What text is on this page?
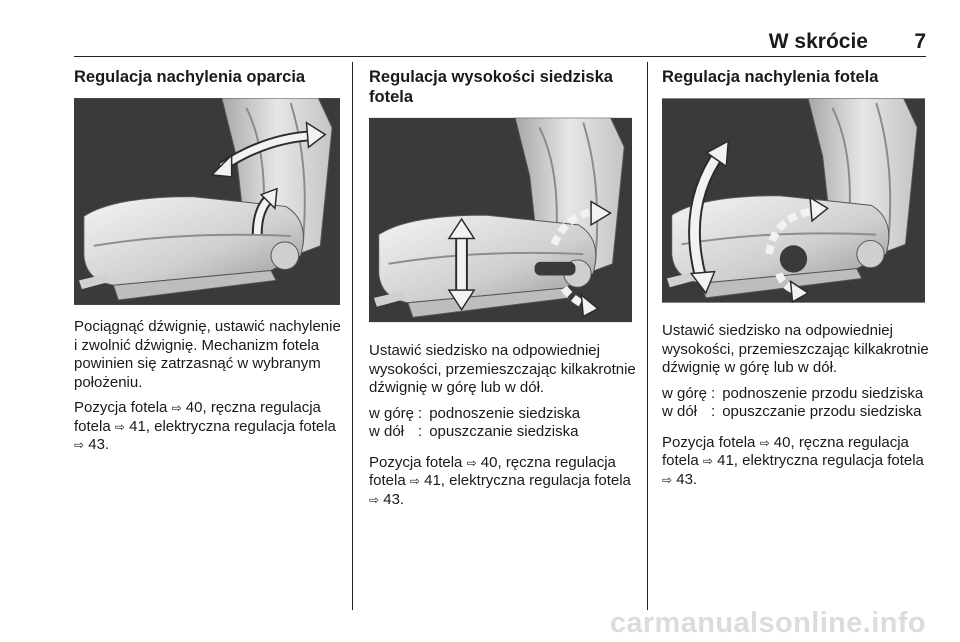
W skrócie 7
Regulacja nachylenia oparcia

Pociągnąć dźwignię, ustawić nachylenie i zwolnić dźwignię. Mechanizm fotela powinien się zatrzasnąć w wybranym położeniu.

Pozycja fotela ⇨ 40, ręczna regulacja fotela ⇨ 41, elektryczna regulacja fotela ⇨ 43.

Regulacja wysokości siedziska fotela

Ustawić siedzisko na odpowiedniej wysokości, przemieszczając kilkakrotnie dźwignię w górę lub w dół.

w górę	:	podnoszenie siedziska
w dół	:	opuszczanie siedziska

Pozycja fotela ⇨ 40, ręczna regulacja fotela ⇨ 41, elektryczna regulacja fotela ⇨ 43.

Regulacja nachylenia fotela

Ustawić siedzisko na odpowiedniej wysokości, przemieszczając kilkakrotnie dźwignię w górę lub w dół.

w górę	:	podnoszenie przodu siedziska
w dół	:	opuszczanie przodu siedziska

Pozycja fotela ⇨ 40, ręczna regulacja fotela ⇨ 41, elektryczna regulacja fotela ⇨ 43.

carmanualsonline.info
